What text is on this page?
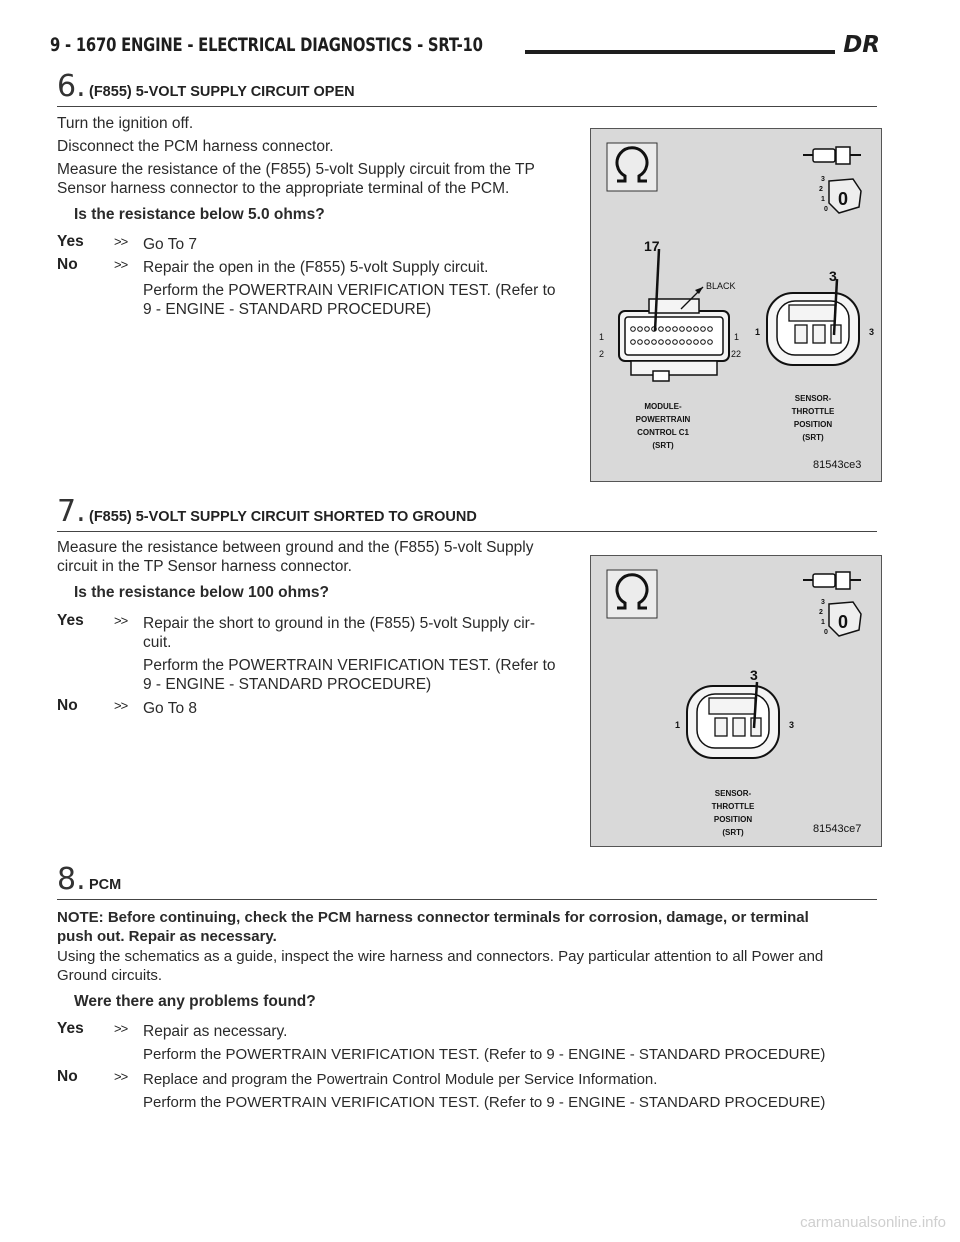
9 - 1670 ENGINE - ELECTRICAL DIAGNOSTICS - SRT-10	DR
6. (F855) 5-VOLT SUPPLY CIRCUIT OPEN
Turn the ignition off.
Disconnect the PCM harness connector.
Measure the resistance of the (F855) 5-volt Supply circuit from the TP
Sensor harness connector to the appropriate terminal of the PCM.
Is the resistance below 5.0 ohms?
Yes >> Go To 7
No	>> Repair the open in the (F855) 5-volt Supply circuit.
Perform the POWERTRAIN VERIFICATION TEST. (Refer to
9 - ENGINE - STANDARD PROCEDURE)
0
3
2
1
0
17
BLACK
1
2
1
22
3
1	3
MODULE-
POWERTRAIN
CONTROL C1
(SRT)
SENSOR-
THROTTLE
POSITION
(SRT)
81543ce3
7. (F855) 5-VOLT SUPPLY CIRCUIT SHORTED TO GROUND
Measure the resistance between ground and the (F855) 5-volt Supply
circuit in the TP Sensor harness connector.
Is the resistance below 100 ohms?
Yes >> Repair the short to ground in the (F855) 5-volt Supply cir-
cuit.
Perform the POWERTRAIN VERIFICATION TEST. (Refer to
9 - ENGINE - STANDARD PROCEDURE)
No	>> Go To 8
0
3
2
1
0
3
1	3
SENSOR-
THROTTLE
POSITION
(SRT)	81543ce7
8. PCM
NOTE: Before continuing, check the PCM harness connector terminals for corrosion, damage, or terminal
push out. Repair as necessary.
Using the schematics as a guide, inspect the wire harness and connectors. Pay particular attention to all Power and
Ground circuits.
Were there any problems found?
Yes >> Repair as necessary.
Perform the POWERTRAIN VERIFICATION TEST. (Refer to 9 - ENGINE - STANDARD PROCEDURE)
No	>> Replace and program the Powertrain Control Module per Service Information.
Perform the POWERTRAIN VERIFICATION TEST. (Refer to 9 - ENGINE - STANDARD PROCEDURE)
carmanualsonline.info
